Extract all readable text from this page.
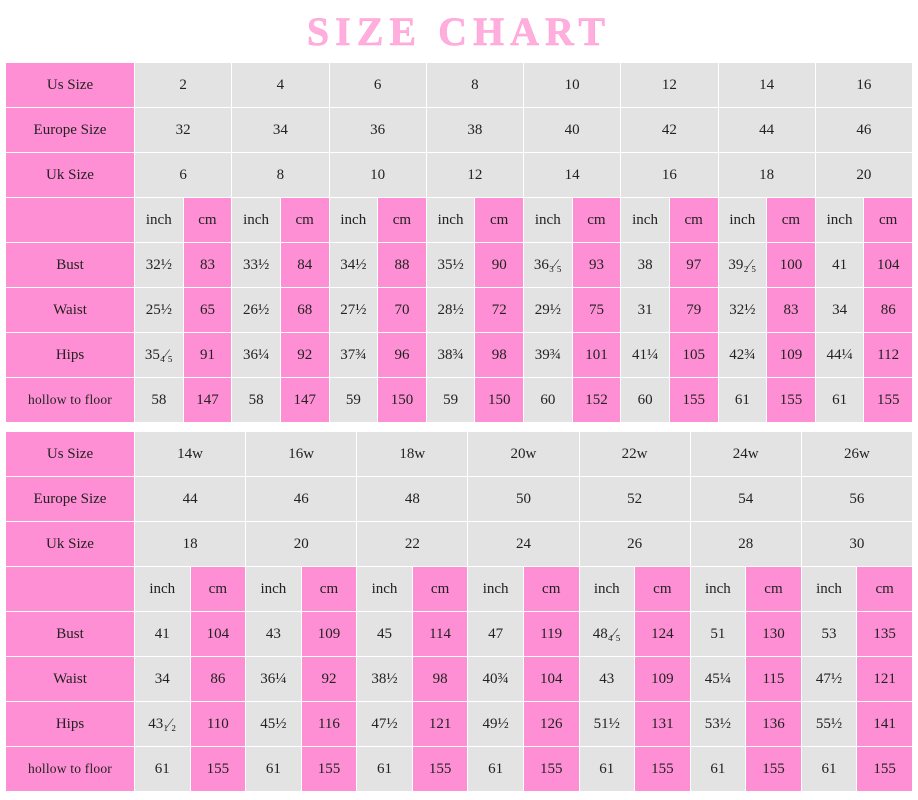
SIZE CHART
Us Size	2		4		6		8		10		12		14		16	
Europe Size	32		34		36		38		40		42		44		46	
Uk Size	6		8		10		12		14		16		18		20	
	inch	cm	inch	cm	inch	cm	inch	cm	inch	cm	inch	cm	inch	cm	inch	cm
Bust	32½	83	33½	84	34½	88	35½	90	36₃⁄₅	93	38	97	39₂⁄₅	100	41	104
Waist	25½	65	26½	68	27½	70	28½	72	29½	75	31	79	32½	83	34	86
Hips	35₄⁄₅	91	36¼	92	37¾	96	38¾	98	39¾	101	41¼	105	42¾	109	44¼	112
hollow to floor	58	147	58	147	59	150	59	150	60	152	60	155	61	155	61	155
Us Size	14w		16w		18w		20w		22w		24w		26w	
Europe Size	44		46		48		50		52		54		56	
Uk Size	18		20		22		24		26		28		30	
	inch	cm	inch	cm	inch	cm	inch	cm	inch	cm	inch	cm	inch	cm
Bust	41	104	43	109	45	114	47	119	48₄⁄₅	124	51	130	53	135
Waist	34	86	36¼	92	38½	98	40¾	104	43	109	45¼	115	47½	121
Hips	43₁⁄₂	110	45½	116	47½	121	49½	126	51½	131	53½	136	55½	141
hollow to floor	61	155	61	155	61	155	61	155	61	155	61	155	61	155
